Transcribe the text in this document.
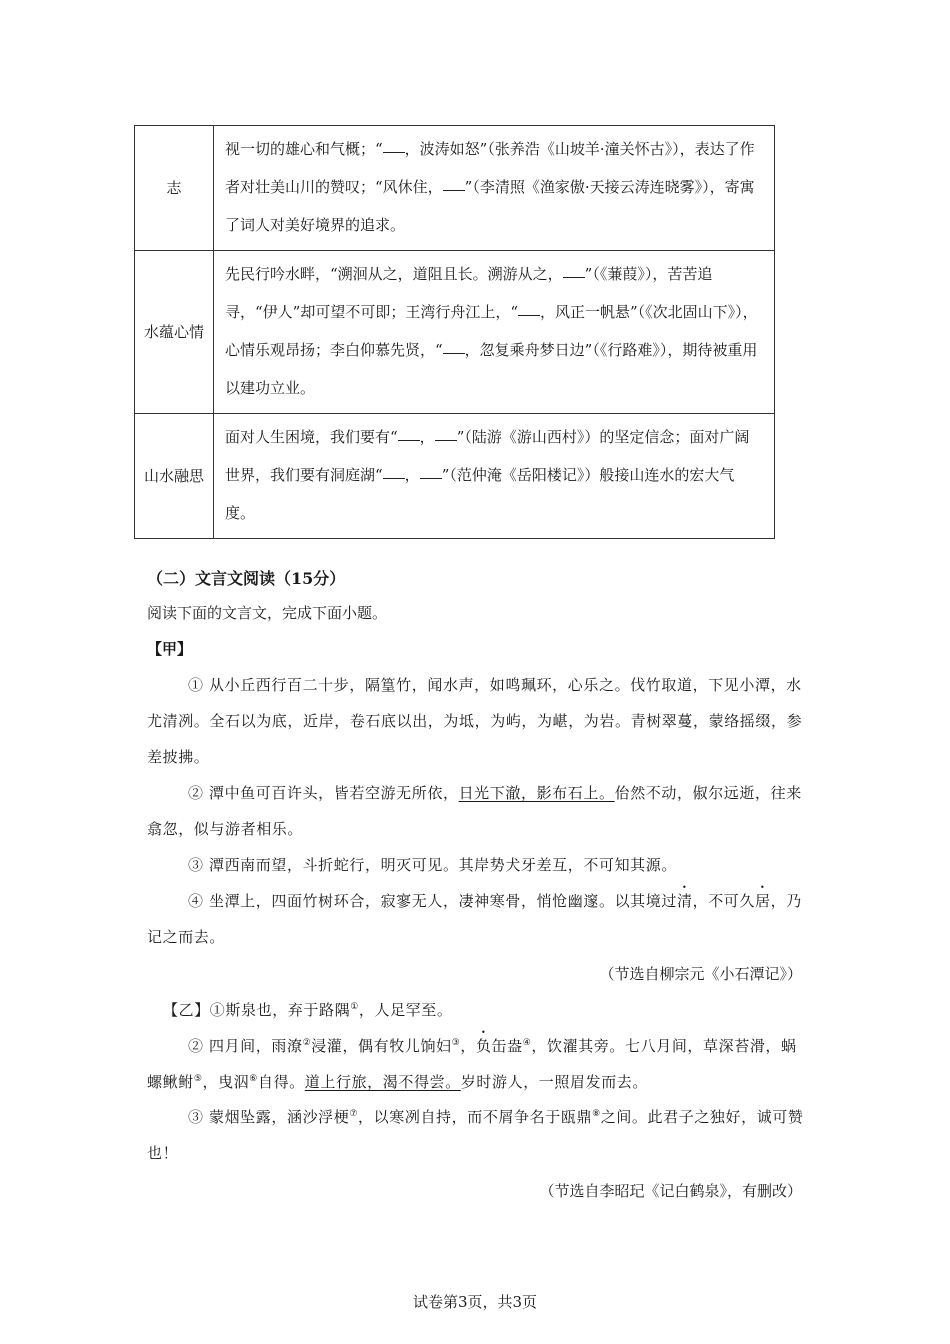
志	视一切的雄心和气概；“ ，波涛如怒”（张养浩《山坡羊·潼关怀古》），表达了作者对壮美山川的赞叹；“风休住， ”（李清照《渔家傲·天接云涛连晓雾》），寄寓了词人对美好境界的追求。
水蕴心情	先民行吟水畔，“溯洄从之，道阻且长。溯游从之， ”（《蒹葭》），苦苦追寻，“伊人”却可望不可即；王湾行舟江上，“ ，风正一帆悬”（《次北固山下》），心情乐观昂扬；李白仰慕先贤，“ ，忽复乘舟梦日边”（《行路难》），期待被重用以建功立业。
山水融思	面对人生困境，我们要有“ ， ”（陆游《游山西村》）的坚定信念；面对广阔世界，我们要有洞庭湖“ ， ”（范仲淹《岳阳楼记》）般接山连水的宏大气度。
（二）文言文阅读（15分）
阅读下面的文言文，完成下面小题。
【甲】
① 从小丘西行百二十步，隔篁竹，闻水声，如鸣珮环，心乐之。伐竹取道，下见小潭，水尤清冽。全石以为底，近岸，卷石底以出，为坻，为屿，为嵁，为岩。青树翠蔓，蒙络摇缀，参差披拂。
② 潭中鱼可百许头，皆若空游无所依，日光下澈，影布石上。佁然不动，俶尔远逝，往来翕忽，似与游者相乐。
③ 潭西南而望，斗折蛇行，明灭可见。其岸势犬牙差互，不可知其源。
④ 坐潭上，四面竹树环合，寂寥无人，凄神寒骨，悄怆幽邃。以其境过清，不可久居，乃记之而去。
（节选自柳宗元《小石潭记》）
【乙】①斯泉也，弃于路隅①，人足罕至。
② 四月间，雨潦②浸灌，偶有牧儿饷妇③，负缶盎④，饮濯其旁。七八月间，草深苔滑，蜗螺鳅鲋⑤，曳泅⑥自得。道上行旅，渴不得尝。岁时游人，一照眉发而去。
③ 蒙烟坠露，涵沙浮梗⑦，以寒冽自持，而不屑争名于瓯鼎⑧之间。此君子之独好，诚可赞也！
（节选自李昭玘《记白鹤泉》，有删改）
试卷第3页，共3页
